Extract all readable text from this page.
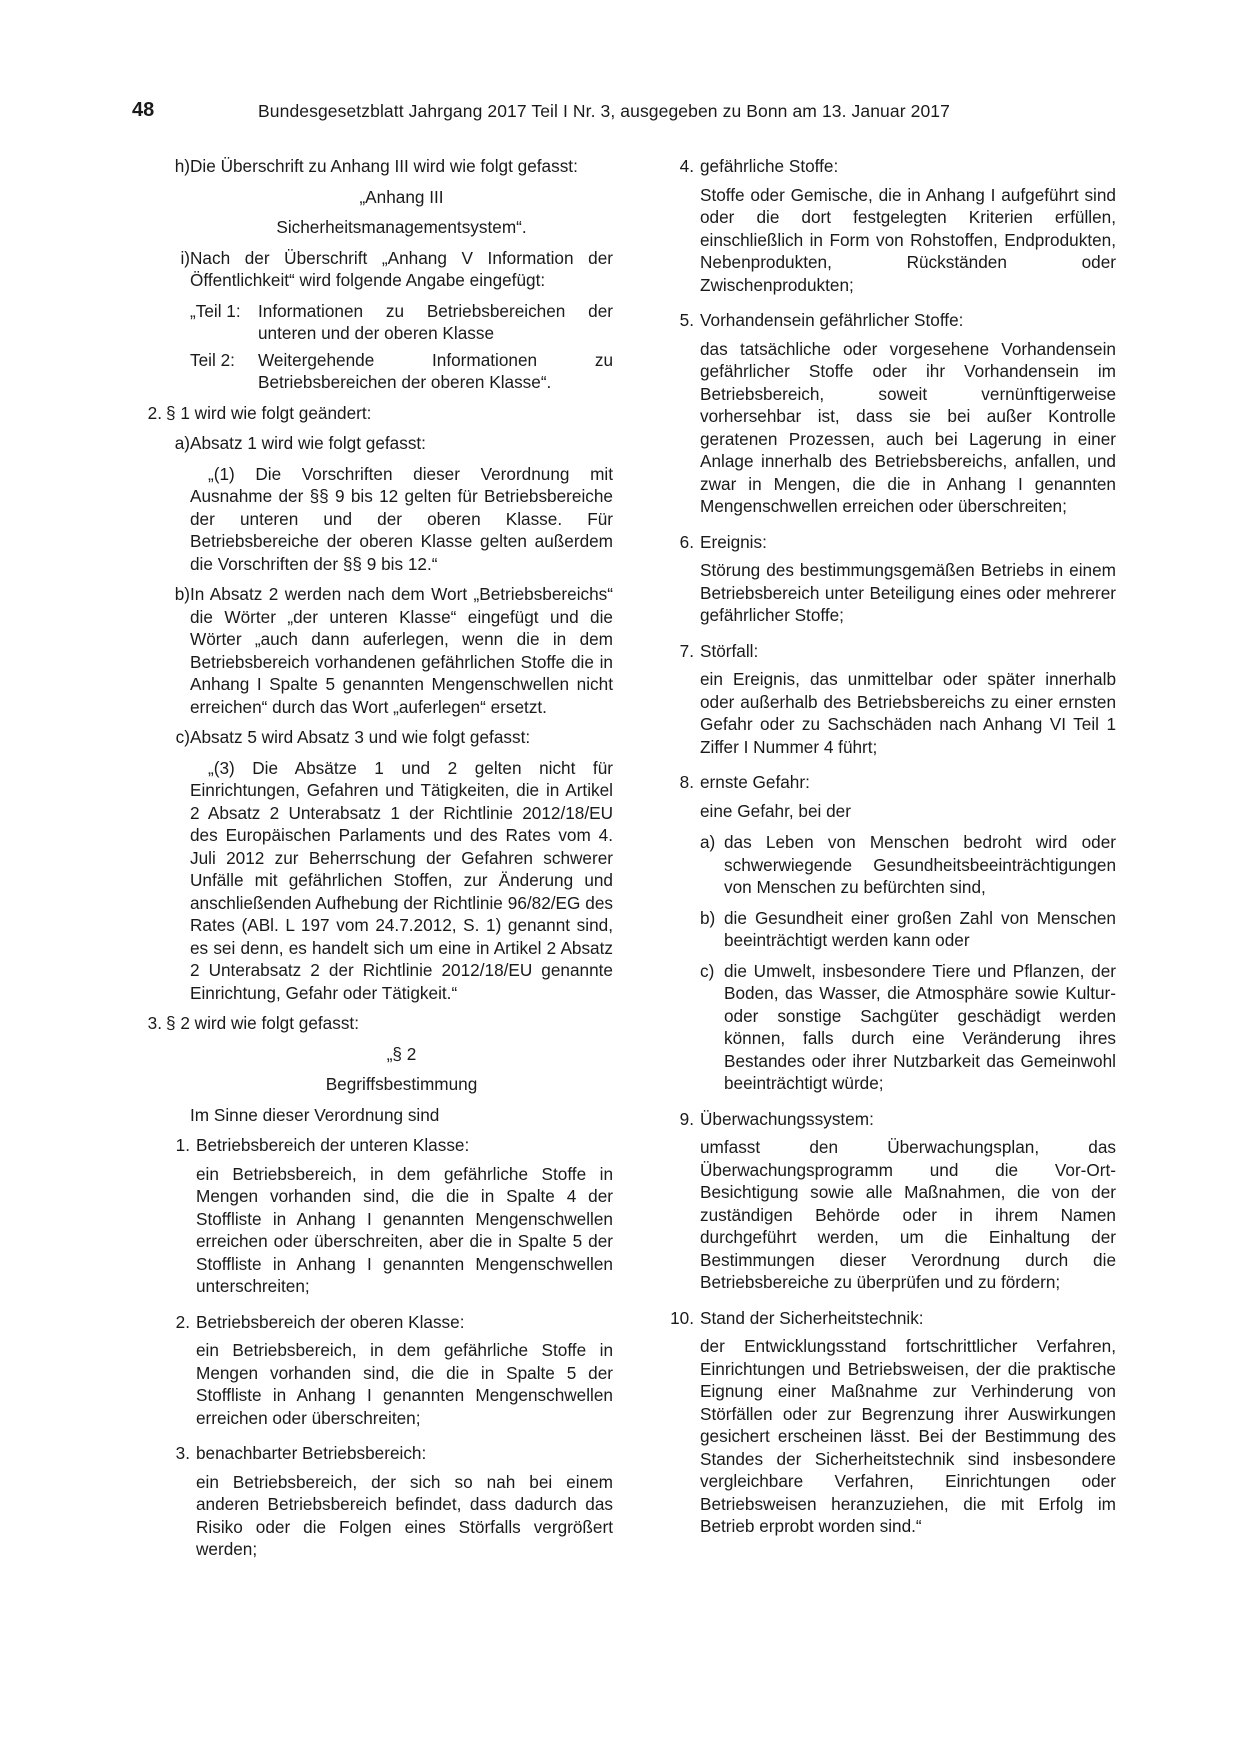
48	Bundesgesetzblatt Jahrgang 2017 Teil I Nr. 3, ausgegeben zu Bonn am 13. Januar 2017
h) Die Überschrift zu Anhang III wird wie folgt gefasst:
„Anhang III
Sicherheitsmanagementsystem“.
i) Nach der Überschrift „Anhang V Information der Öffentlichkeit“ wird folgende Angabe eingefügt:
„Teil 1:	Informationen zu Betriebsbereichen der unteren und der oberen Klasse
Teil 2:	Weitergehende Informationen zu Betriebsbereichen der oberen Klasse“.
2. § 1 wird wie folgt geändert:
a) Absatz 1 wird wie folgt gefasst:
„(1) Die Vorschriften dieser Verordnung mit Ausnahme der §§ 9 bis 12 gelten für Betriebsbereiche der unteren und der oberen Klasse. Für Betriebsbereiche der oberen Klasse gelten außerdem die Vorschriften der §§ 9 bis 12.“
b) In Absatz 2 werden nach dem Wort „Betriebsbereichs“ die Wörter „der unteren Klasse“ eingefügt und die Wörter „auch dann auferlegen, wenn die in dem Betriebsbereich vorhandenen gefährlichen Stoffe die in Anhang I Spalte 5 genannten Mengenschwellen nicht erreichen“ durch das Wort „auferlegen“ ersetzt.
c) Absatz 5 wird Absatz 3 und wie folgt gefasst:
„(3) Die Absätze 1 und 2 gelten nicht für Einrichtungen, Gefahren und Tätigkeiten, die in Artikel 2 Absatz 2 Unterabsatz 1 der Richtlinie 2012/18/EU des Europäischen Parlaments und des Rates vom 4. Juli 2012 zur Beherrschung der Gefahren schwerer Unfälle mit gefährlichen Stoffen, zur Änderung und anschließenden Aufhebung der Richtlinie 96/82/EG des Rates (ABl. L 197 vom 24.7.2012, S. 1) genannt sind, es sei denn, es handelt sich um eine in Artikel 2 Absatz 2 Unterabsatz 2 der Richtlinie 2012/18/EU genannte Einrichtung, Gefahr oder Tätigkeit.“
3. § 2 wird wie folgt gefasst:
„§ 2
Begriffsbestimmung
Im Sinne dieser Verordnung sind
1. Betriebsbereich der unteren Klasse:
ein Betriebsbereich, in dem gefährliche Stoffe in Mengen vorhanden sind, die die in Spalte 4 der Stoffliste in Anhang I genannten Mengenschwellen erreichen oder überschreiten, aber die in Spalte 5 der Stoffliste in Anhang I genannten Mengenschwellen unterschreiten;
2. Betriebsbereich der oberen Klasse:
ein Betriebsbereich, in dem gefährliche Stoffe in Mengen vorhanden sind, die die in Spalte 5 der Stoffliste in Anhang I genannten Mengenschwellen erreichen oder überschreiten;
3. benachbarter Betriebsbereich:
ein Betriebsbereich, der sich so nah bei einem anderen Betriebsbereich befindet, dass dadurch das Risiko oder die Folgen eines Störfalls vergrößert werden;
4. gefährliche Stoffe:
Stoffe oder Gemische, die in Anhang I aufgeführt sind oder die dort festgelegten Kriterien erfüllen, einschließlich in Form von Rohstoffen, Endprodukten, Nebenprodukten, Rückständen oder Zwischenprodukten;
5. Vorhandensein gefährlicher Stoffe:
das tatsächliche oder vorgesehene Vorhandensein gefährlicher Stoffe oder ihr Vorhandensein im Betriebsbereich, soweit vernünftigerweise vorhersehbar ist, dass sie bei außer Kontrolle geratenen Prozessen, auch bei Lagerung in einer Anlage innerhalb des Betriebsbereichs, anfallen, und zwar in Mengen, die die in Anhang I genannten Mengenschwellen erreichen oder überschreiten;
6. Ereignis:
Störung des bestimmungsgemäßen Betriebs in einem Betriebsbereich unter Beteiligung eines oder mehrerer gefährlicher Stoffe;
7. Störfall:
ein Ereignis, das unmittelbar oder später innerhalb oder außerhalb des Betriebsbereichs zu einer ernsten Gefahr oder zu Sachschäden nach Anhang VI Teil 1 Ziffer I Nummer 4 führt;
8. ernste Gefahr:
eine Gefahr, bei der
a) das Leben von Menschen bedroht wird oder schwerwiegende Gesundheitsbeeinträchtigungen von Menschen zu befürchten sind,
b) die Gesundheit einer großen Zahl von Menschen beeinträchtigt werden kann oder
c) die Umwelt, insbesondere Tiere und Pflanzen, der Boden, das Wasser, die Atmosphäre sowie Kultur- oder sonstige Sachgüter geschädigt werden können, falls durch eine Veränderung ihres Bestandes oder ihrer Nutzbarkeit das Gemeinwohl beeinträchtigt würde;
9. Überwachungssystem:
umfasst den Überwachungsplan, das Überwachungsprogramm und die Vor-Ort-Besichtigung sowie alle Maßnahmen, die von der zuständigen Behörde oder in ihrem Namen durchgeführt werden, um die Einhaltung der Bestimmungen dieser Verordnung durch die Betriebsbereiche zu überprüfen und zu fördern;
10. Stand der Sicherheitstechnik:
der Entwicklungsstand fortschrittlicher Verfahren, Einrichtungen und Betriebsweisen, der die praktische Eignung einer Maßnahme zur Verhinderung von Störfällen oder zur Begrenzung ihrer Auswirkungen gesichert erscheinen lässt. Bei der Bestimmung des Standes der Sicherheitstechnik sind insbesondere vergleichbare Verfahren, Einrichtungen oder Betriebsweisen heranzuziehen, die mit Erfolg im Betrieb erprobt worden sind.“
